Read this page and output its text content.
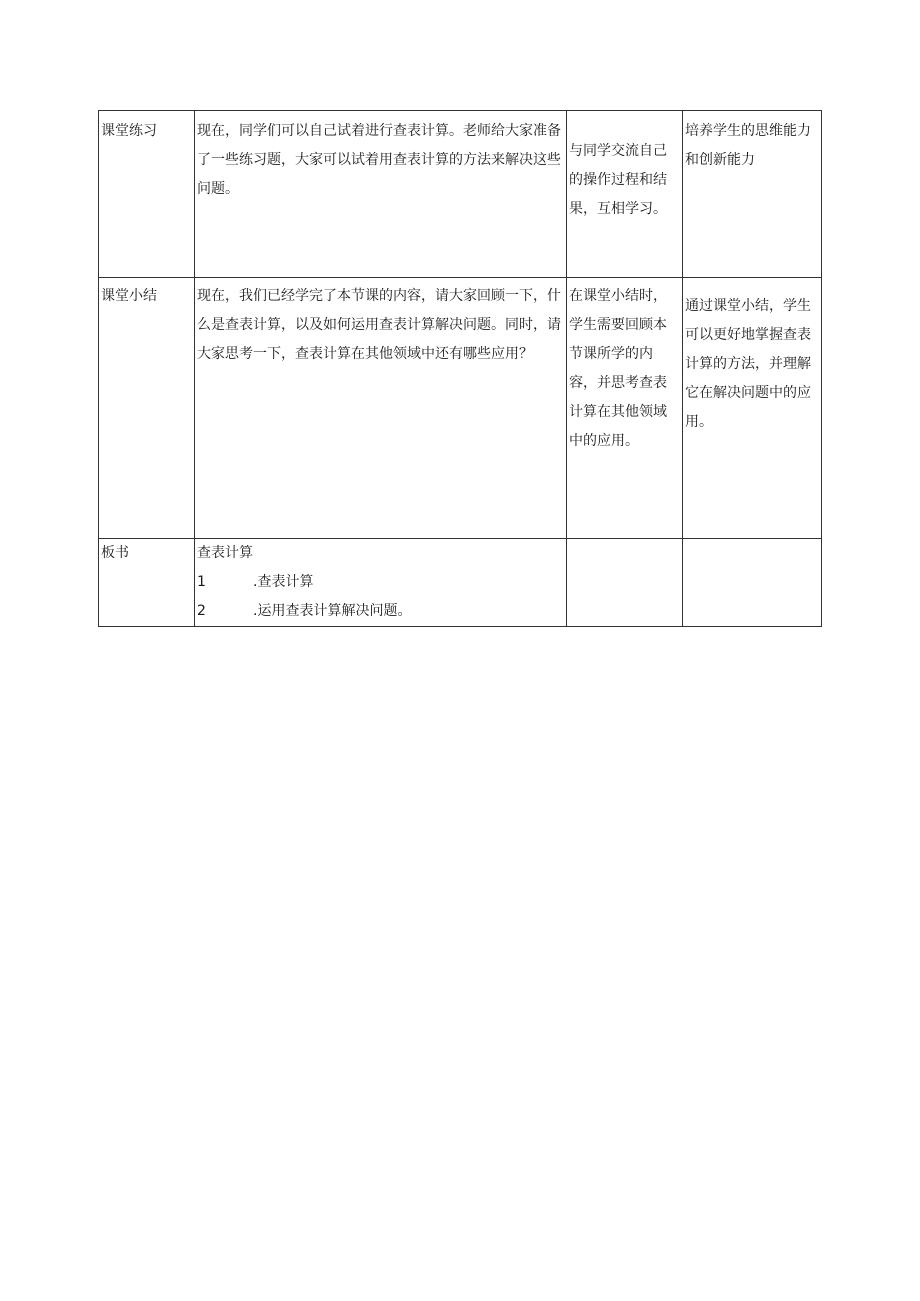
课堂练习	现在，同学们可以自己试着进行查表计算。老师给大家准备了一些练习题，大家可以试着用查表计算的方法来解决这些问题。	与同学交流自己的操作过程和结果，互相学习。	培养学生的思维能力和创新能力
课堂小结	现在，我们已经学完了本节课的内容，请大家回顾一下，什么是查表计算，以及如何运用查表计算解决问题。同时，请大家思考一下，查表计算在其他领域中还有哪些应用？	在课堂小结时，学生需要回顾本节课所学的内容，并思考查表计算在其他领域中的应用。	通过课堂小结，学生可以更好地掌握查表计算的方法，并理解它在解决问题中的应用。
板书	查表计算
1 .查表计算
2 .运用查表计算解决问题。		
